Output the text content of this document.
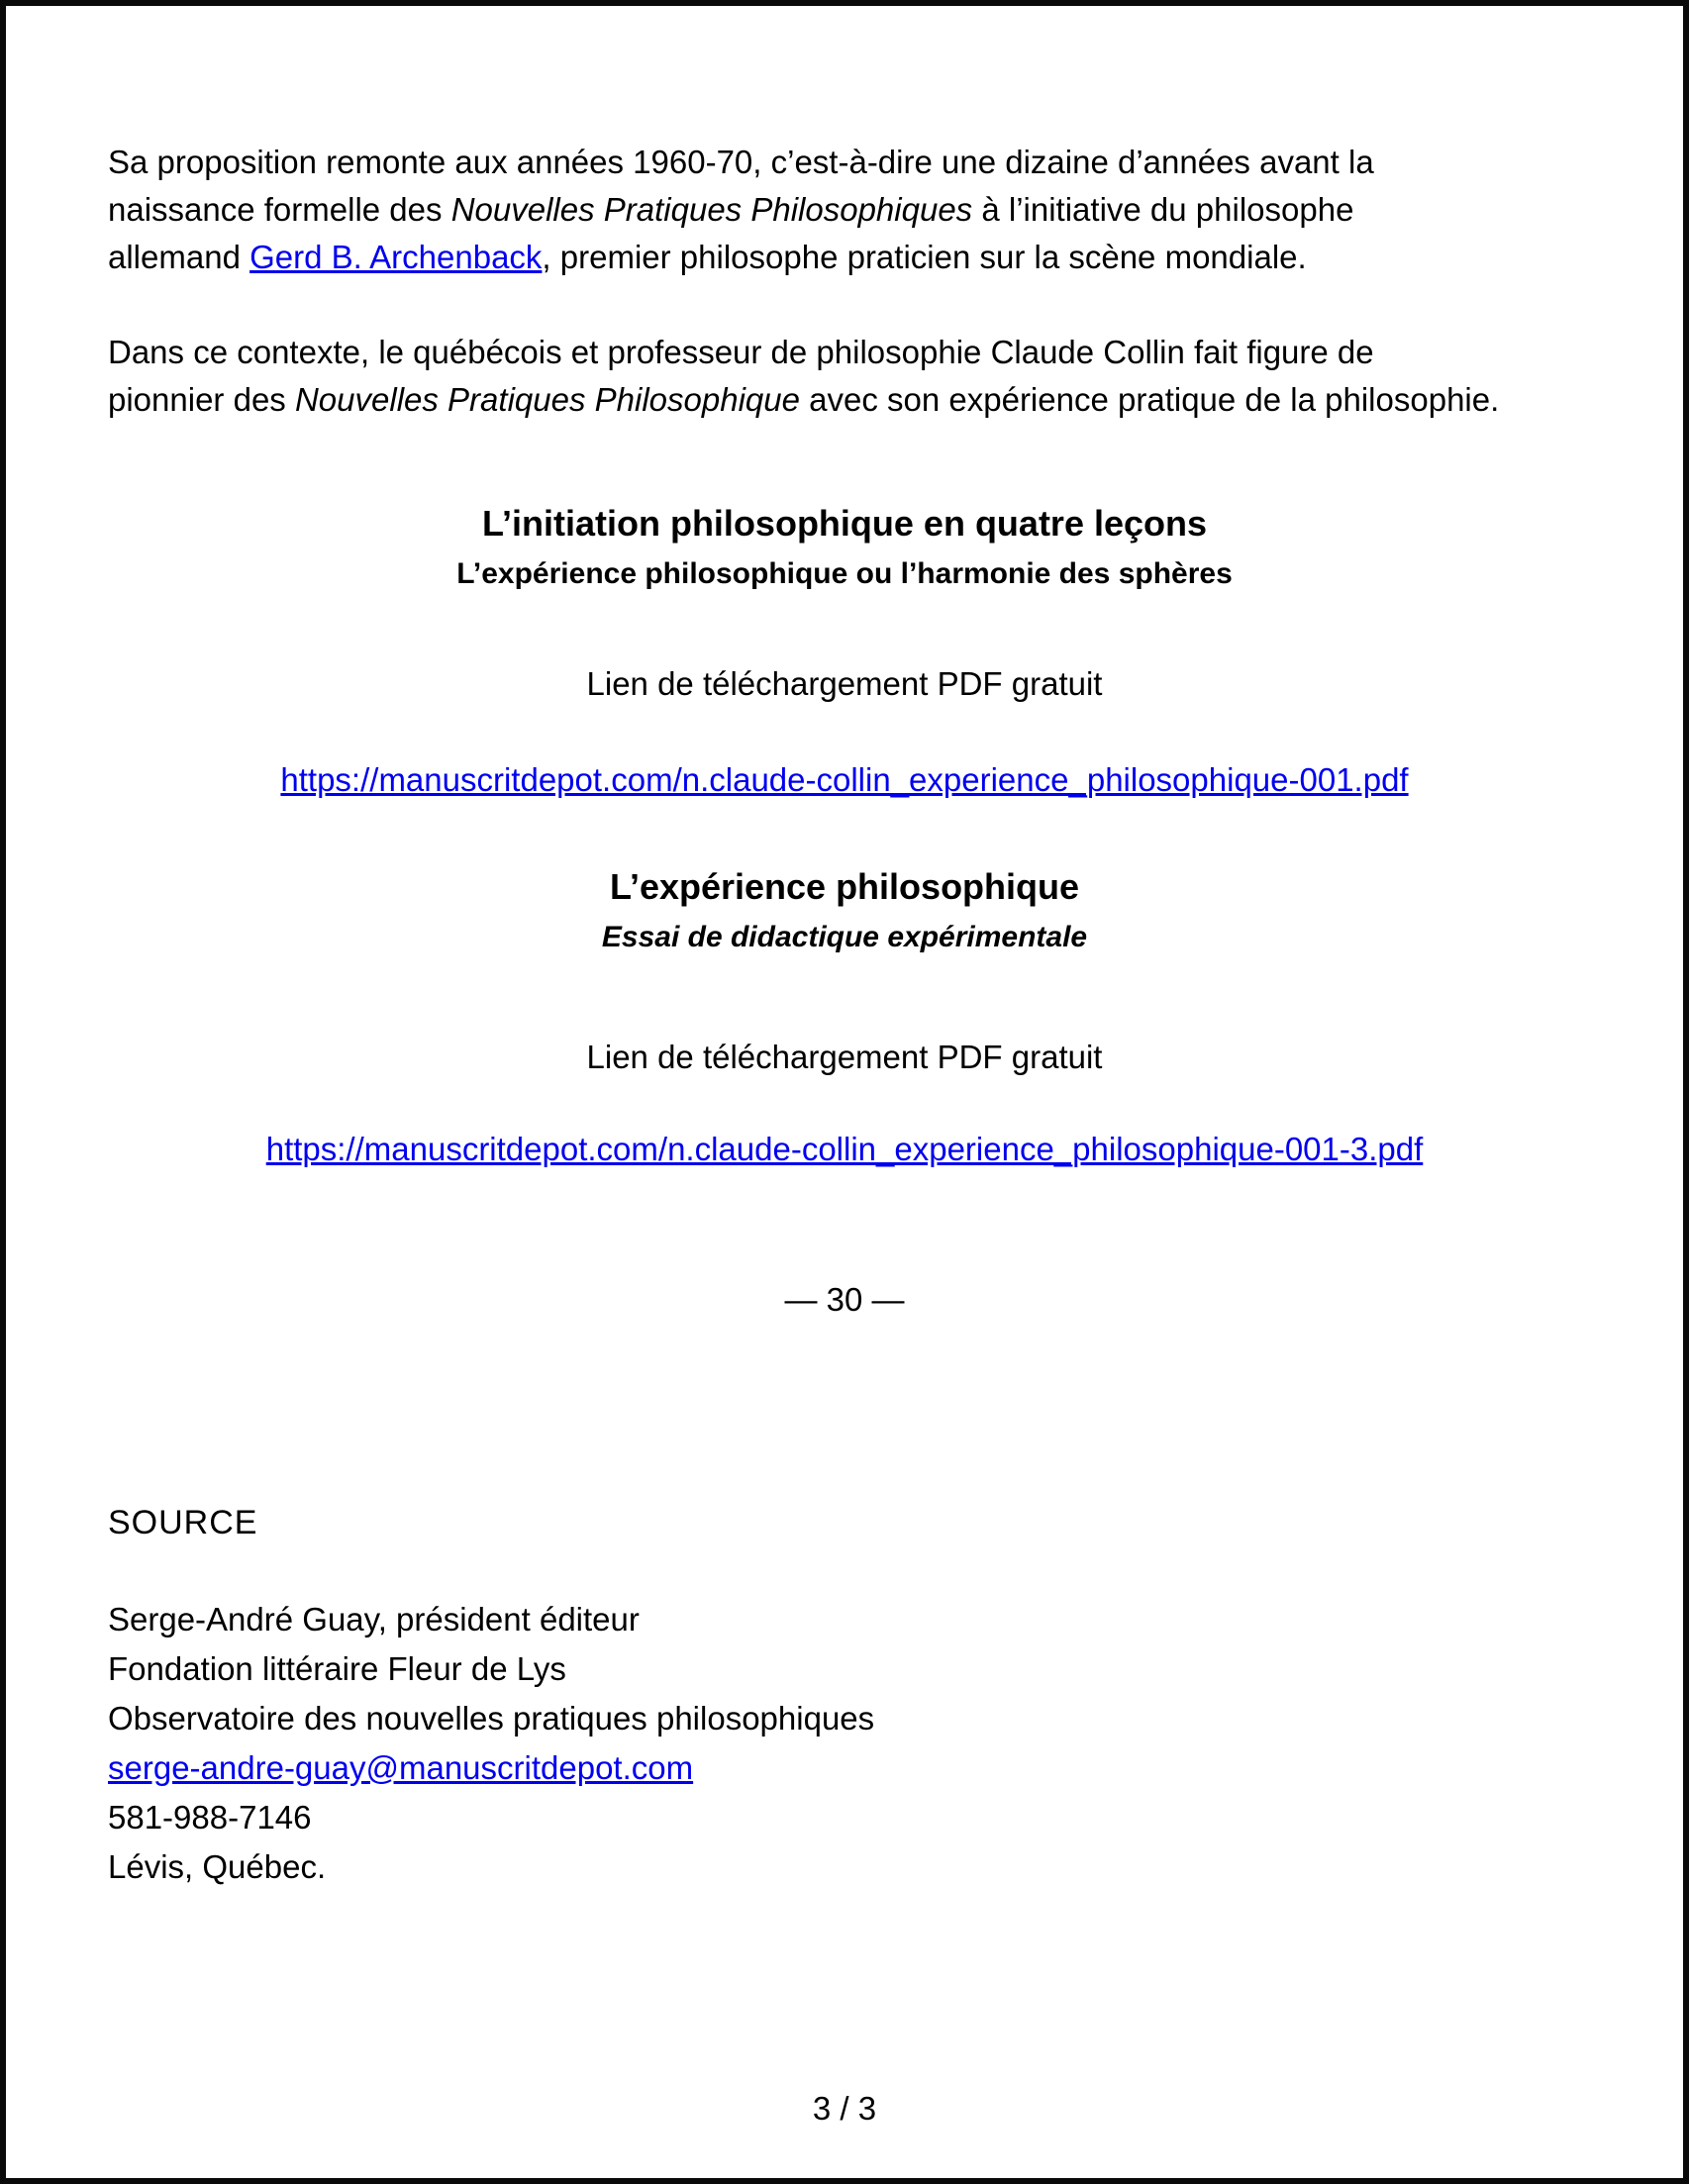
Sa proposition remonte aux années 1960-70, c’est-à-dire une dizaine d’années avant la
naissance formelle des Nouvelles Pratiques Philosophiques à l’initiative du philosophe
allemand Gerd B. Archenback, premier philosophe praticien sur la scène mondiale.
Dans ce contexte, le québécois et professeur de philosophie Claude Collin fait figure de
pionnier des Nouvelles Pratiques Philosophique avec son expérience pratique de la philosophie.
L’initiation philosophique en quatre leçons
L’expérience philosophique ou l’harmonie des sphères
Lien de téléchargement PDF gratuit
https://manuscritdepot.com/n.claude-collin_experience_philosophique-001.pdf
L’expérience philosophique
Essai de didactique expérimentale
Lien de téléchargement PDF gratuit
https://manuscritdepot.com/n.claude-collin_experience_philosophique-001-3.pdf
— 30 —
SOURCE
Serge-André Guay, président éditeur
Fondation littéraire Fleur de Lys
Observatoire des nouvelles pratiques philosophiques
serge-andre-guay@manuscritdepot.com
581-988-7146
Lévis, Québec.
3 / 3
